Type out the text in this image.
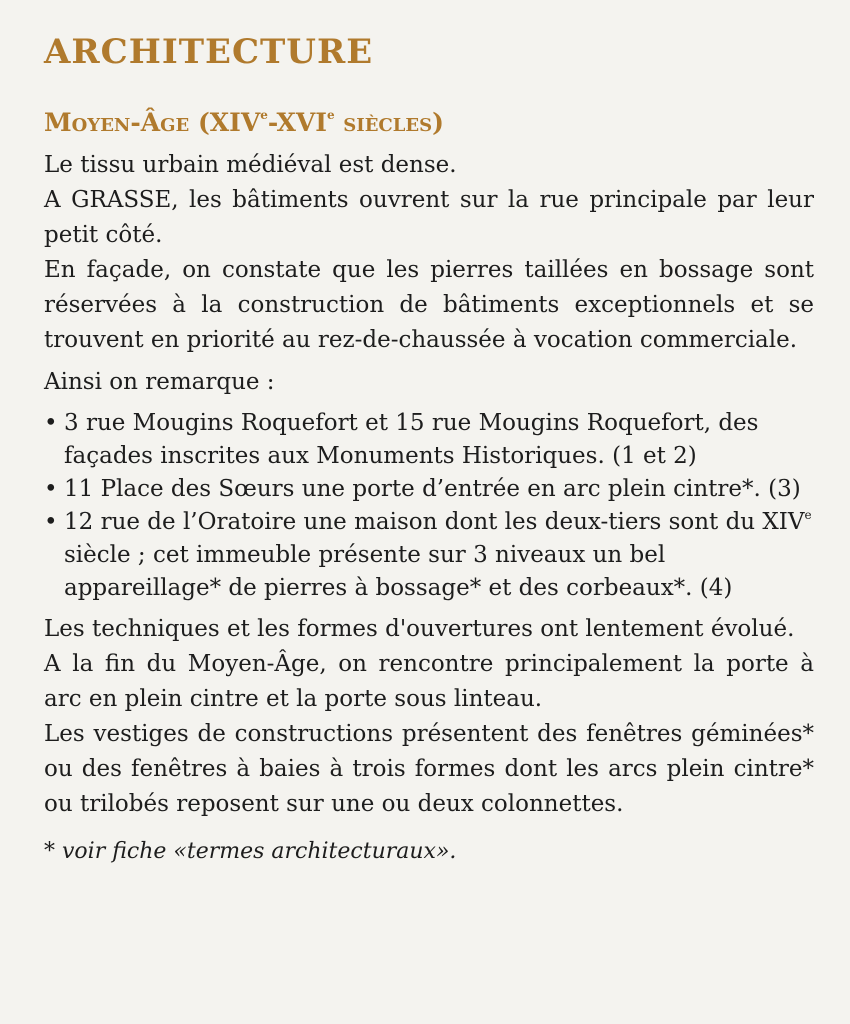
ARCHITECTURE
Moyen-Âge (XIVe-XVIe siècles)

Le tissu urbain médiéval est dense.

A GRASSE, les bâtiments ouvrent sur la rue principale par leur petit côté.

En façade, on constate que les pierres taillées en bossage sont réservées à la construction de bâtiments exceptionnels et se trouvent en priorité au rez-de-chaussée à vocation commerciale.

Ainsi on remarque :

• 3 rue Mougins Roquefort et 15 rue Mougins Roquefort, des façades inscrites aux Monuments Historiques. (1 et 2)
• 11 Place des Sœurs une porte d’entrée en arc plein cintre*. (3)
• 12 rue de l’Oratoire une maison dont les deux-tiers sont du XIVe siècle ; cet immeuble présente sur 3 niveaux un bel appareillage* de pierres à bossage* et des corbeaux*. (4)

Les techniques et les formes d'ouvertures ont lentement évolué.

A la fin du Moyen-Âge, on rencontre principalement la porte à arc en plein cintre et la porte sous linteau.

Les vestiges de constructions présentent des fenêtres géminées* ou des fenêtres à baies à trois formes dont les arcs plein cintre* ou trilobés reposent sur une ou deux colonnettes.

* voir fiche «termes architecturaux».
